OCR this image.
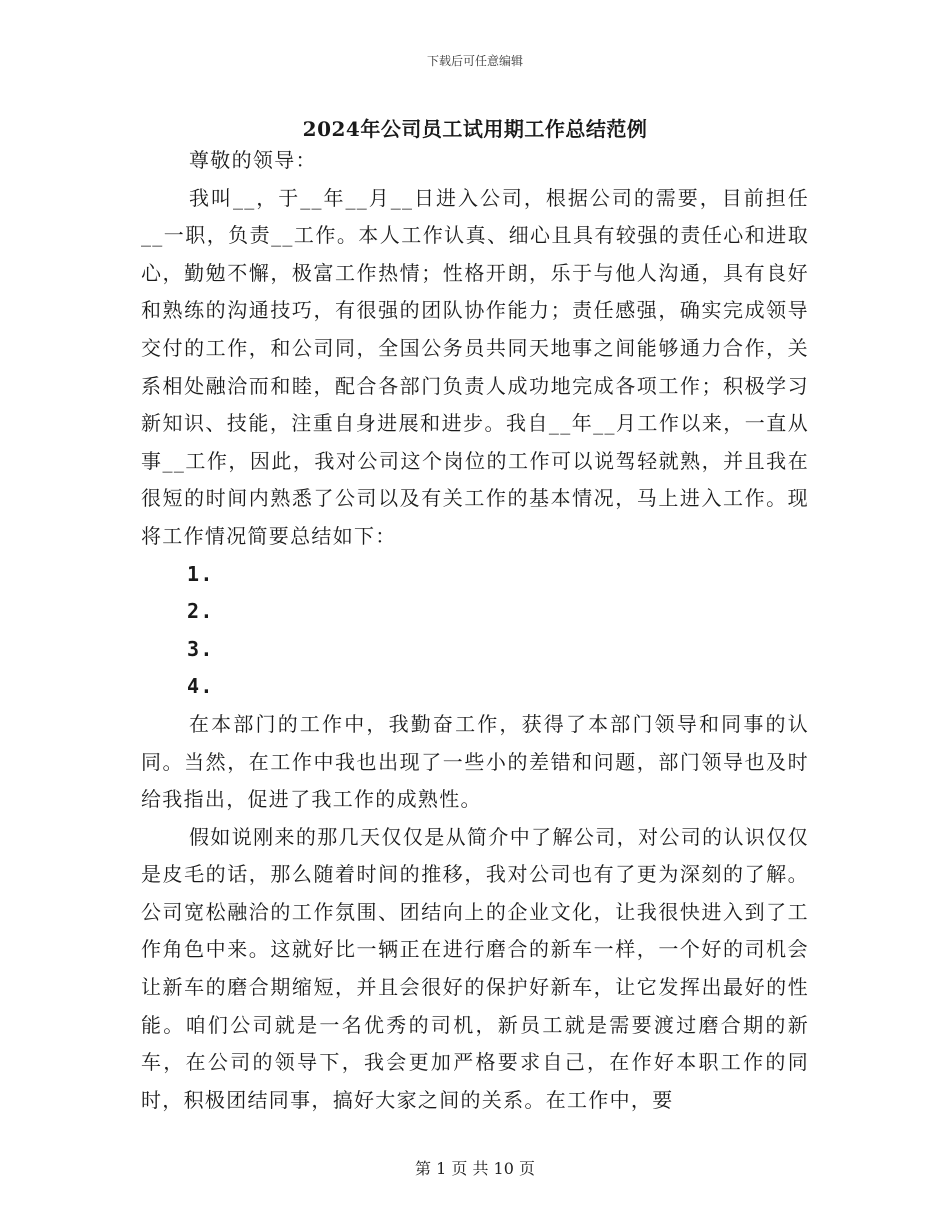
下载后可任意编辑
2024年公司员工试用期工作总结范例

尊敬的领导：

我叫__，于__年__月__日进入公司，根据公司的需要，目前担任__一职，负责__工作。本人工作认真、细心且具有较强的责任心和进取心，勤勉不懈，极富工作热情；性格开朗，乐于与他人沟通，具有良好和熟练的沟通技巧，有很强的团队协作能力；责任感强，确实完成领导交付的工作，和公司同，全国公务员共同天地事之间能够通力合作，关系相处融洽而和睦，配合各部门负责人成功地完成各项工作；积极学习新知识、技能，注重自身进展和进步。我自__年__月工作以来，一直从事__工作，因此，我对公司这个岗位的工作可以说驾轻就熟，并且我在很短的时间内熟悉了公司以及有关工作的基本情况，马上进入工作。现将工作情况简要总结如下：

1.

2.

3.

4.

在本部门的工作中，我勤奋工作，获得了本部门领导和同事的认同。当然，在工作中我也出现了一些小的差错和问题，部门领导也及时给我指出，促进了我工作的成熟性。

假如说刚来的那几天仅仅是从简介中了解公司，对公司的认识仅仅是皮毛的话，那么随着时间的推移，我对公司也有了更为深刻的了解。公司宽松融洽的工作氛围、团结向上的企业文化，让我很快进入到了工作角色中来。这就好比一辆正在进行磨合的新车一样，一个好的司机会让新车的磨合期缩短，并且会很好的保护好新车，让它发挥出最好的性能。咱们公司就是一名优秀的司机，新员工就是需要渡过磨合期的新车，在公司的领导下，我会更加严格要求自己，在作好本职工作的同时，积极团结同事，搞好大家之间的关系。在工作中，要

第 1 页 共 10 页
